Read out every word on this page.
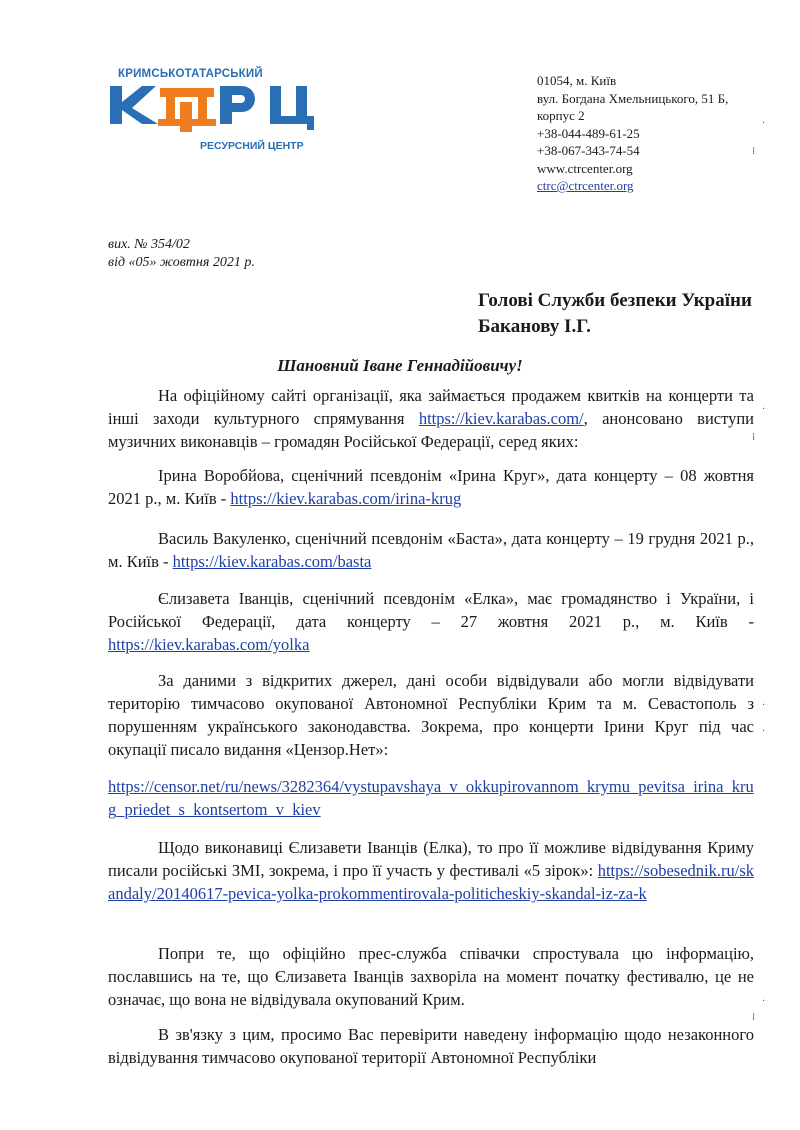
КРИМСЬКОТАТАРСЬКИЙ
РЕСУРСНИЙ ЦЕНТР
01054, м. Київ
вул. Богдана Хмельницького, 51 Б,
корпус 2
+38-044-489-61-25
+38-067-343-74-54
www.ctrcenter.org
ctrc@ctrcenter.org
вих. № 354/02
від «05» жовтня 2021 р.
Голові Служби безпеки України
Баканову І.Г.
Шановний Іване Геннадійовичу!

На офіційному сайті організації, яка займається продажем квитків на концерти та інші заходи культурного спрямування https://kiev.karabas.com/, анонсовано виступи музичних виконавців – громадян Російської Федерації, серед яких:

Ірина Воробйова, сценічний псевдонім «Ірина Круг», дата концерту – 08 жовтня 2021 р., м. Київ - https://kiev.karabas.com/irina-krug

Василь Вакуленко, сценічний псевдонім «Баста», дата концерту – 19 грудня 2021 р., м. Київ - https://kiev.karabas.com/basta

Єлизавета Іванців, сценічний псевдонім «Елка», має громадянство і України, і Російської Федерації, дата концерту – 27 жовтня 2021 р., м. Київ - https://kiev.karabas.com/yolka

За даними з відкритих джерел, дані особи відвідували або могли відвідувати територію тимчасово окупованої Автономної Республіки Крим та м. Севастополь з порушенням українського законодавства. Зокрема, про концерти Ірини Круг під час окупації писало видання «Цензор.Нет»:

https://censor.net/ru/news/3282364/vystupavshaya_v_okkupirovannom_krymu_pevitsa_irina_krug_priedet_s_kontsertom_v_kiev

Щодо виконавиці Єлизавети Іванців (Елка), то про її можливе відвідування Криму писали російські ЗМІ, зокрема, і про її участь у фестивалі «5 зірок»: https://sobesednik.ru/skandaly/20140617-pevica-yolka-prokommentirovala-politicheskiy-skandal-iz-za-k

Попри те, що офіційно прес-служба співачки спростувала цю інформацію, пославшись на те, що Єлизавета Іванців захворіла на момент початку фестивалю, це не означає, що вона не відвідувала окупований Крим.

В зв'язку з цим, просимо Вас перевірити наведену інформацію щодо незаконного відвідування тимчасово окупованої території Автономної Республіки

·
⁞
·
⁞
·
·
·
⁞
